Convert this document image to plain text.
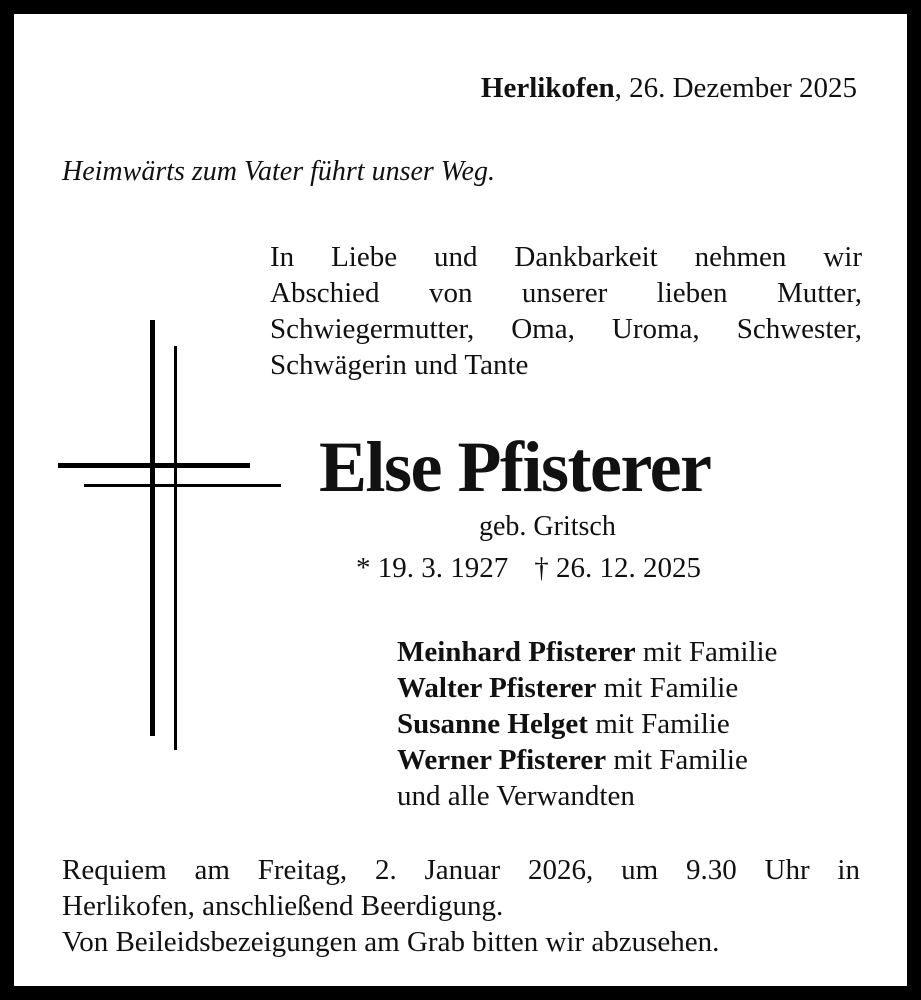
Herlikofen, 26. Dezember 2025
Heimwärts zum Vater führt unser Weg.
In Liebe und Dankbarkeit nehmen wir
Abschied von unserer lieben Mutter,
Schwiegermutter, Oma, Uroma, Schwester,
Schwägerin und Tante
Else Pfisterer
geb. Gritsch
* 19. 3. 1927 † 26. 12. 2025
Meinhard Pfisterer mit Familie
Walter Pfisterer mit Familie
Susanne Helget mit Familie
Werner Pfisterer mit Familie
und alle Verwandten
Requiem am Freitag, 2. Januar 2026, um 9.30 Uhr in
Herlikofen, anschließend Beerdigung.
Von Beileidsbezeigungen am Grab bitten wir abzusehen.
